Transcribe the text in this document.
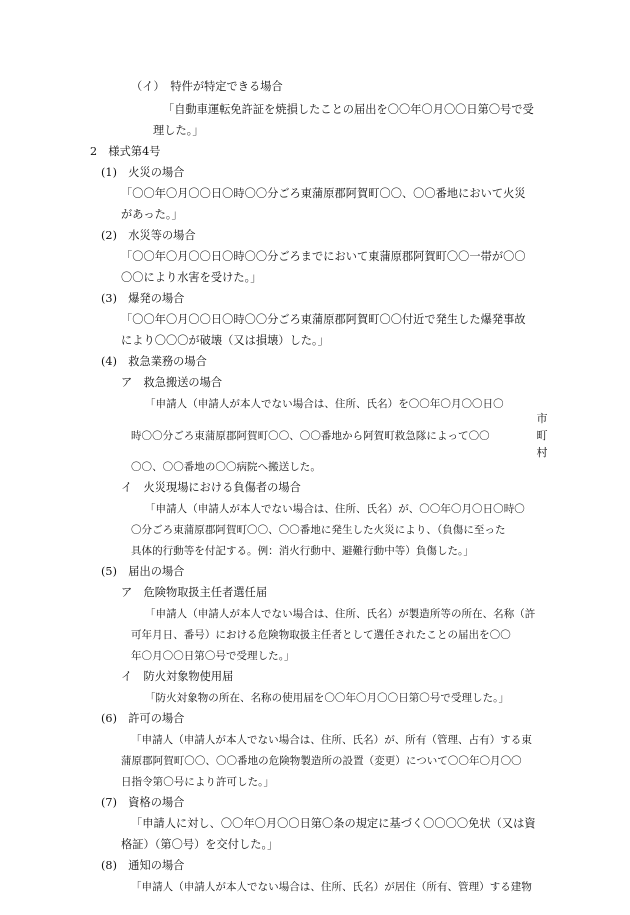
（イ）　特件が特定できる場合
「自動車運転免許証を焼損したことの届出を〇〇年〇月〇〇日第〇号で受
理した。」
2　様式第4号
(1)　火災の場合
「〇〇年〇月〇〇日〇時〇〇分ごろ東蒲原郡阿賀町〇〇、〇〇番地において火災
があった。」
(2)　水災等の場合
「〇〇年〇月〇〇日〇時〇〇分ごろまでにおいて東蒲原郡阿賀町〇〇一帯が〇〇
〇〇により水害を受けた。」
(3)　爆発の場合
「〇〇年〇月〇〇日〇時〇〇分ごろ東蒲原郡阿賀町〇〇付近で発生した爆発事故
により〇〇〇が破壊（又は損壊）した。」
(4)　救急業務の場合
ア　救急搬送の場合
「申請人（申請人が本人でない場合は、住所、氏名）を〇〇年〇月〇〇日〇
市
時〇〇分ごろ東蒲原郡阿賀町〇〇、〇〇番地から阿賀町救急隊によって〇〇	町
村
〇〇、〇〇番地の〇〇病院へ搬送した。
イ　火災現場における負傷者の場合
「申請人（申請人が本人でない場合は、住所、氏名）が、〇〇年〇月〇日〇時〇
〇分ごろ東蒲原郡阿賀町〇〇、〇〇番地に発生した火災により、（負傷に至った
具体的行動等を付記する。例：消火行動中、避難行動中等）負傷した。」
(5)　届出の場合
ア　危険物取扱主任者選任届
「申請人（申請人が本人でない場合は、住所、氏名）が製造所等の所在、名称（許
可年月日、番号）における危険物取扱主任者として選任されたことの届出を〇〇
年〇月〇〇日第〇号で受理した。」
イ　防火対象物使用届
「防火対象物の所在、名称の使用届を〇〇年〇月〇〇日第〇号で受理した。」
(6)　許可の場合
「申請人（申請人が本人でない場合は、住所、氏名）が、所有（管理、占有）する東
蒲原郡阿賀町〇〇、〇〇番地の危険物製造所の設置（変更）について〇〇年〇月〇〇
日指令第〇号により許可した。」
(7)　資格の場合
「申請人に対し、〇〇年〇月〇〇日第〇条の規定に基づく〇〇〇〇免状（又は資
格証）（第〇号）を交付した。」
(8)　通知の場合
「申請人（申請人が本人でない場合は、住所、氏名）が居住（所有、管理）する建物
